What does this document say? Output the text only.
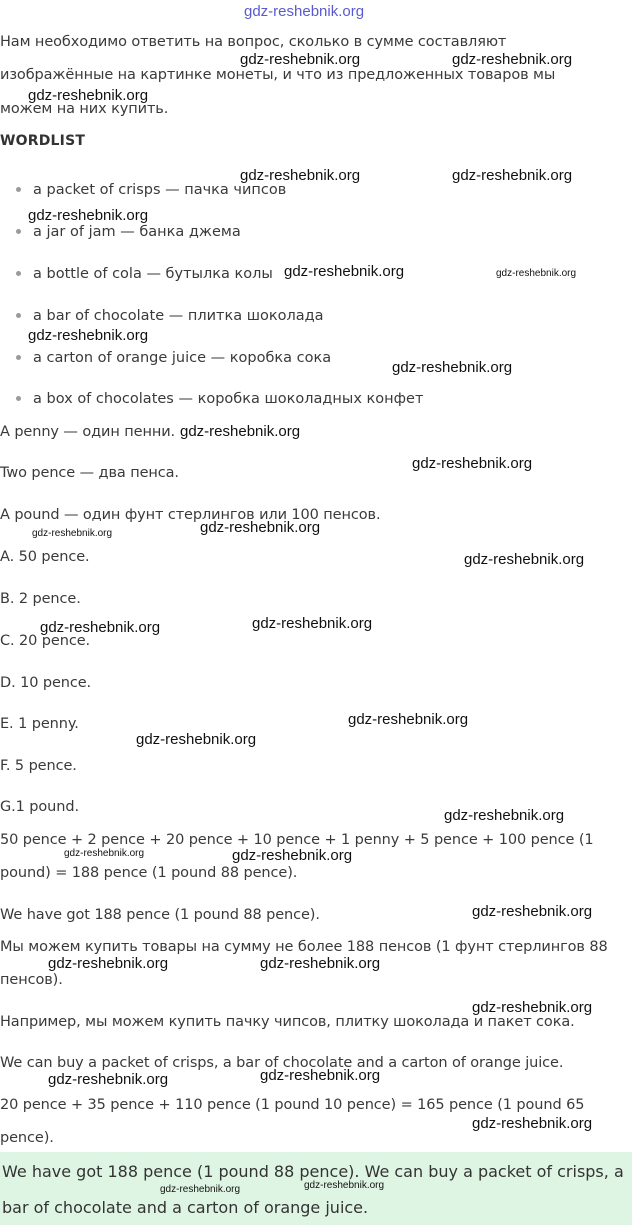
gdz-reshebnik.org
Нам необходимо ответить на вопрос, сколько в сумме составляют
изображённые на картинке монеты, и что из предложенных товаров мы
можем на них купить.
WORDLIST
a packet of crisps — пачка чипсов
a jar of jam — банка джема
a bottle of cola — бутылка колы
a bar of chocolate — плитка шоколада
a carton of orange juice — коробка сока
a box of chocolates — коробка шоколадных конфет
A penny — один пенни.
Two pence — два пенса.
A pound — один фунт стерлингов или 100 пенсов.
A. 50 pence.
B. 2 pence.
C. 20 pence.
D. 10 pence.
E. 1 penny.
F. 5 pence.
G.1 pound.
50 pence + 2 pence + 20 pence + 10 pence + 1 penny + 5 pence + 100 pence (1
pound) = 188 pence (1 pound 88 pence).
We have got 188 pence (1 pound 88 pence).
Мы можем купить товары на сумму не более 188 пенсов (1 фунт стерлингов 88
пенсов).
Например, мы можем купить пачку чипсов, плитку шоколада и пакет сока.
We can buy a packet of crisps, a bar of chocolate and a carton of orange juice.
20 pence + 35 pence + 110 pence (1 pound 10 pence) = 165 pence (1 pound 65
pence).
We have got 188 pence (1 pound 88 pence). We can buy a packet of crisps, a
bar of chocolate and a carton of orange juice.
gdz-reshebnik.org	gdz-reshebnik.org
gdz-reshebnik.org
gdz-reshebnik.org	gdz-reshebnik.org
gdz-reshebnik.org
gdz-reshebnik.org	gdz-reshebnik.org
gdz-reshebnik.org
gdz-reshebnik.org
gdz-reshebnik.org
gdz-reshebnik.org
gdz-reshebnik.org	gdz-reshebnik.org
gdz-reshebnik.org
gdz-reshebnik.org	gdz-reshebnik.org
gdz-reshebnik.org
gdz-reshebnik.org
gdz-reshebnik.org
gdz-reshebnik.org	gdz-reshebnik.org
gdz-reshebnik.org
gdz-reshebnik.org	gdz-reshebnik.org
gdz-reshebnik.org
gdz-reshebnik.org	gdz-reshebnik.org
gdz-reshebnik.org
gdz-reshebnik.org	gdz-reshebnik.org
